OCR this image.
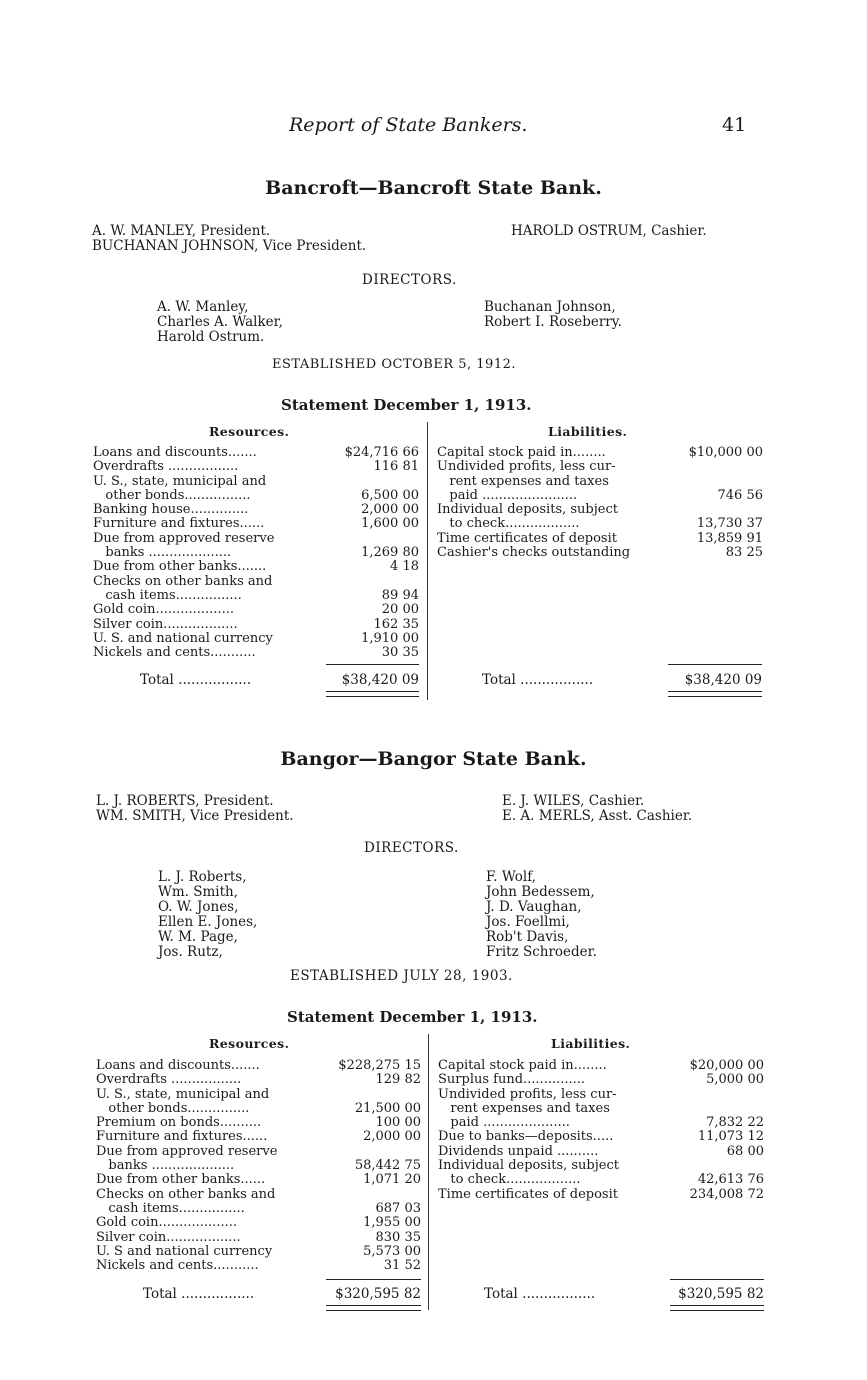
Report of State Bankers.	41
Bancroft—Bancroft State Bank.
A. W. MANLEY, President.
BUCHANAN JOHNSON, Vice President.
HAROLD OSTRUM, Cashier.
DIRECTORS.
A. W. Manley,
Charles A. Walker,
Harold Ostrum.
Buchanan Johnson,
Robert I. Roseberry.
ESTABLISHED OCTOBER 5, 1912.
Statement December 1, 1913.
Resources.	Liabilities.
Loans and discounts.......	$24,716 66
Overdrafts .................	116 81
U. S., state, municipal and
other bonds................	6,500 00
Banking house..............	2,000 00
Furniture and fixtures......	1,600 00
Due from approved reserve
banks ....................	1,269 80
Due from other banks.......	4 18
Checks on other banks and
cash items................	89 94
Gold coin...................	20 00
Silver coin..................	162 35
U. S. and national currency	1,910 00
Nickels and cents...........	30 35
Capital stock paid in........	$10,000 00
Undivided profits, less cur-
rent expenses and taxes
paid .......................	746 56
Individual deposits, subject
to check..................	13,730 37
Time certificates of deposit	13,859 91
Cashier's checks outstanding	83 25
Total .................	$38,420 09	Total .................	$38,420 09
Bangor—Bangor State Bank.
L. J. ROBERTS, President.
WM. SMITH, Vice President.
E. J. WILES, Cashier.
E. A. MERLS, Asst. Cashier.
DIRECTORS.
L. J. Roberts,
Wm. Smith,
O. W. Jones,
Ellen E. Jones,
W. M. Page,
Jos. Rutz,
F. Wolf,
John Bedessem,
J. D. Vaughan,
Jos. Foellmi,
Rob't Davis,
Fritz Schroeder.
ESTABLISHED JULY 28, 1903.
Statement December 1, 1913.
Resources.	Liabilities.
Loans and discounts.......	$228,275 15
Overdrafts .................	129 82
U. S., state, municipal and
other bonds...............	21,500 00
Premium on bonds..........	100 00
Furniture and fixtures......	2,000 00
Due from approved reserve
banks ....................	58,442 75
Due from other banks......	1,071 20
Checks on other banks and
cash items................	687 03
Gold coin...................	1,955 00
Silver coin..................	830 35
U. S and national currency	5,573 00
Nickels and cents...........	31 52
Capital stock paid in........	$20,000 00
Surplus fund...............	5,000 00
Undivided profits, less cur-
rent expenses and taxes
paid .....................	7,832 22
Due to banks—deposits.....	11,073 12
Dividends unpaid ..........	68 00
Individual deposits, subject
to check..................	42,613 76
Time certificates of deposit	234,008 72
Total .................	$320,595 82	Total .................	$320,595 82
